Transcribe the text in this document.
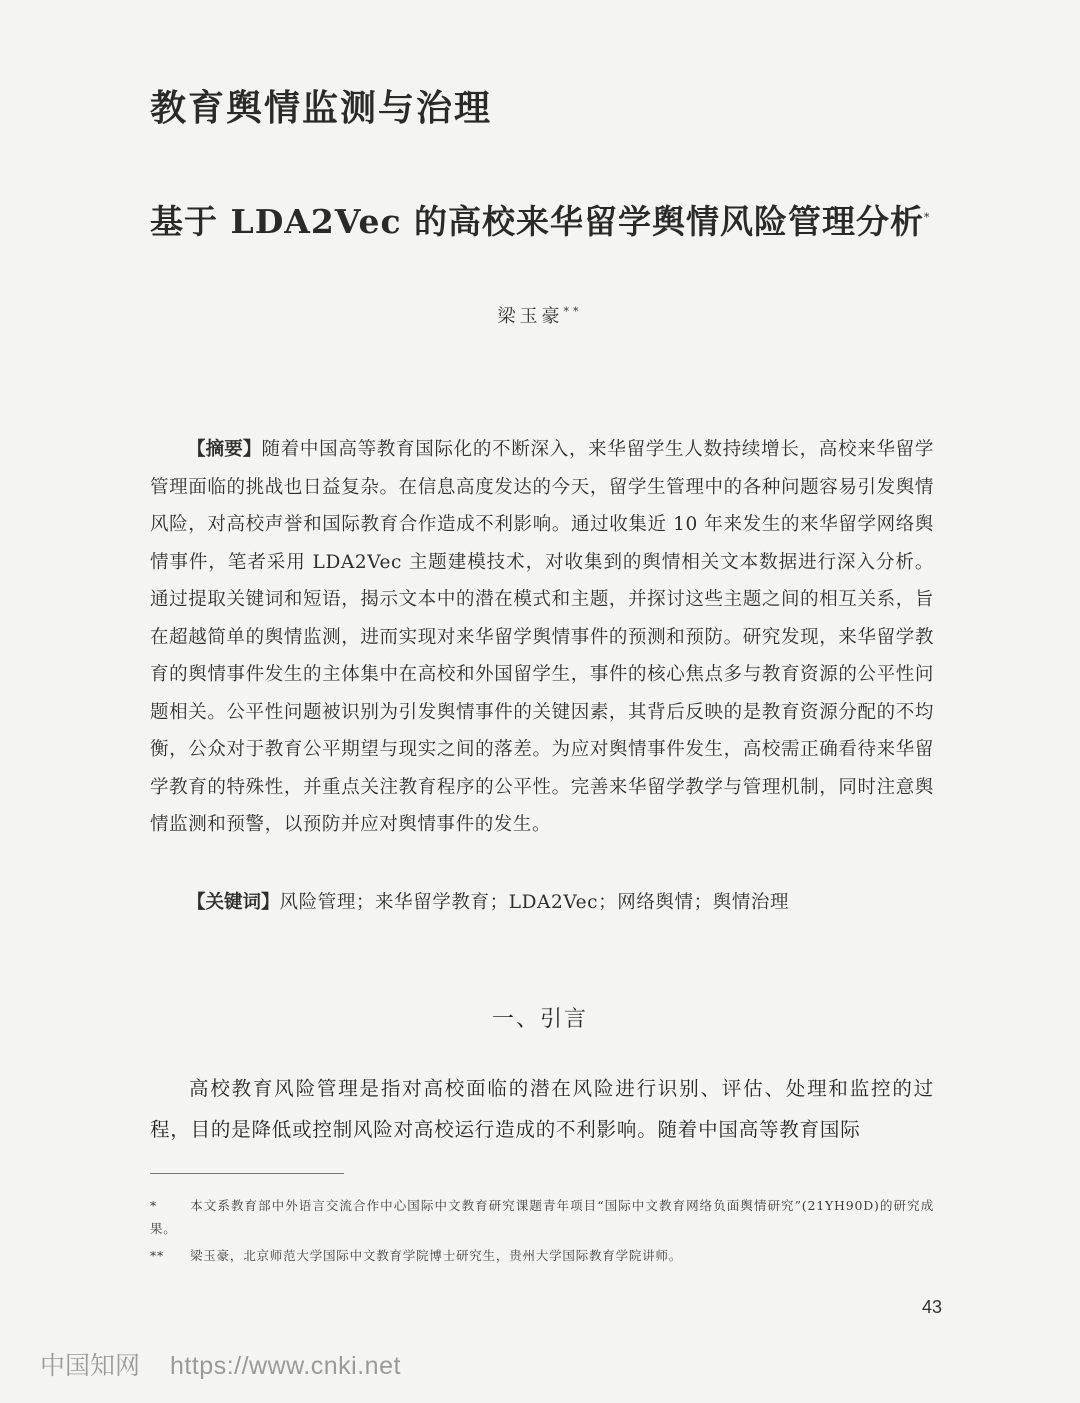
教育舆情监测与治理
基于 LDA2Vec 的高校来华留学舆情风险管理分析*
梁玉豪**
【摘要】随着中国高等教育国际化的不断深入，来华留学生人数持续增长，高校来华留学管理面临的挑战也日益复杂。在信息高度发达的今天，留学生管理中的各种问题容易引发舆情风险，对高校声誉和国际教育合作造成不利影响。通过收集近 10 年来发生的来华留学网络舆情事件，笔者采用 LDA2Vec 主题建模技术，对收集到的舆情相关文本数据进行深入分析。通过提取关键词和短语，揭示文本中的潜在模式和主题，并探讨这些主题之间的相互关系，旨在超越简单的舆情监测，进而实现对来华留学舆情事件的预测和预防。研究发现，来华留学教育的舆情事件发生的主体集中在高校和外国留学生，事件的核心焦点多与教育资源的公平性问题相关。公平性问题被识别为引发舆情事件的关键因素，其背后反映的是教育资源分配的不均衡，公众对于教育公平期望与现实之间的落差。为应对舆情事件发生，高校需正确看待来华留学教育的特殊性，并重点关注教育程序的公平性。完善来华留学教学与管理机制，同时注意舆情监测和预警，以预防并应对舆情事件的发生。
【关键词】风险管理；来华留学教育；LDA2Vec；网络舆情；舆情治理
一、引言
高校教育风险管理是指对高校面临的潜在风险进行识别、评估、处理和监控的过程，目的是降低或控制风险对高校运行造成的不利影响。随着中国高等教育国际
*	本文系教育部中外语言交流合作中心国际中文教育研究课题青年项目“国际中文教育网络负面舆情研究”(21YH90D)的研究成果。
** 梁玉豪，北京师范大学国际中文教育学院博士研究生，贵州大学国际教育学院讲师。
43
中国知网 https://www.cnki.net
